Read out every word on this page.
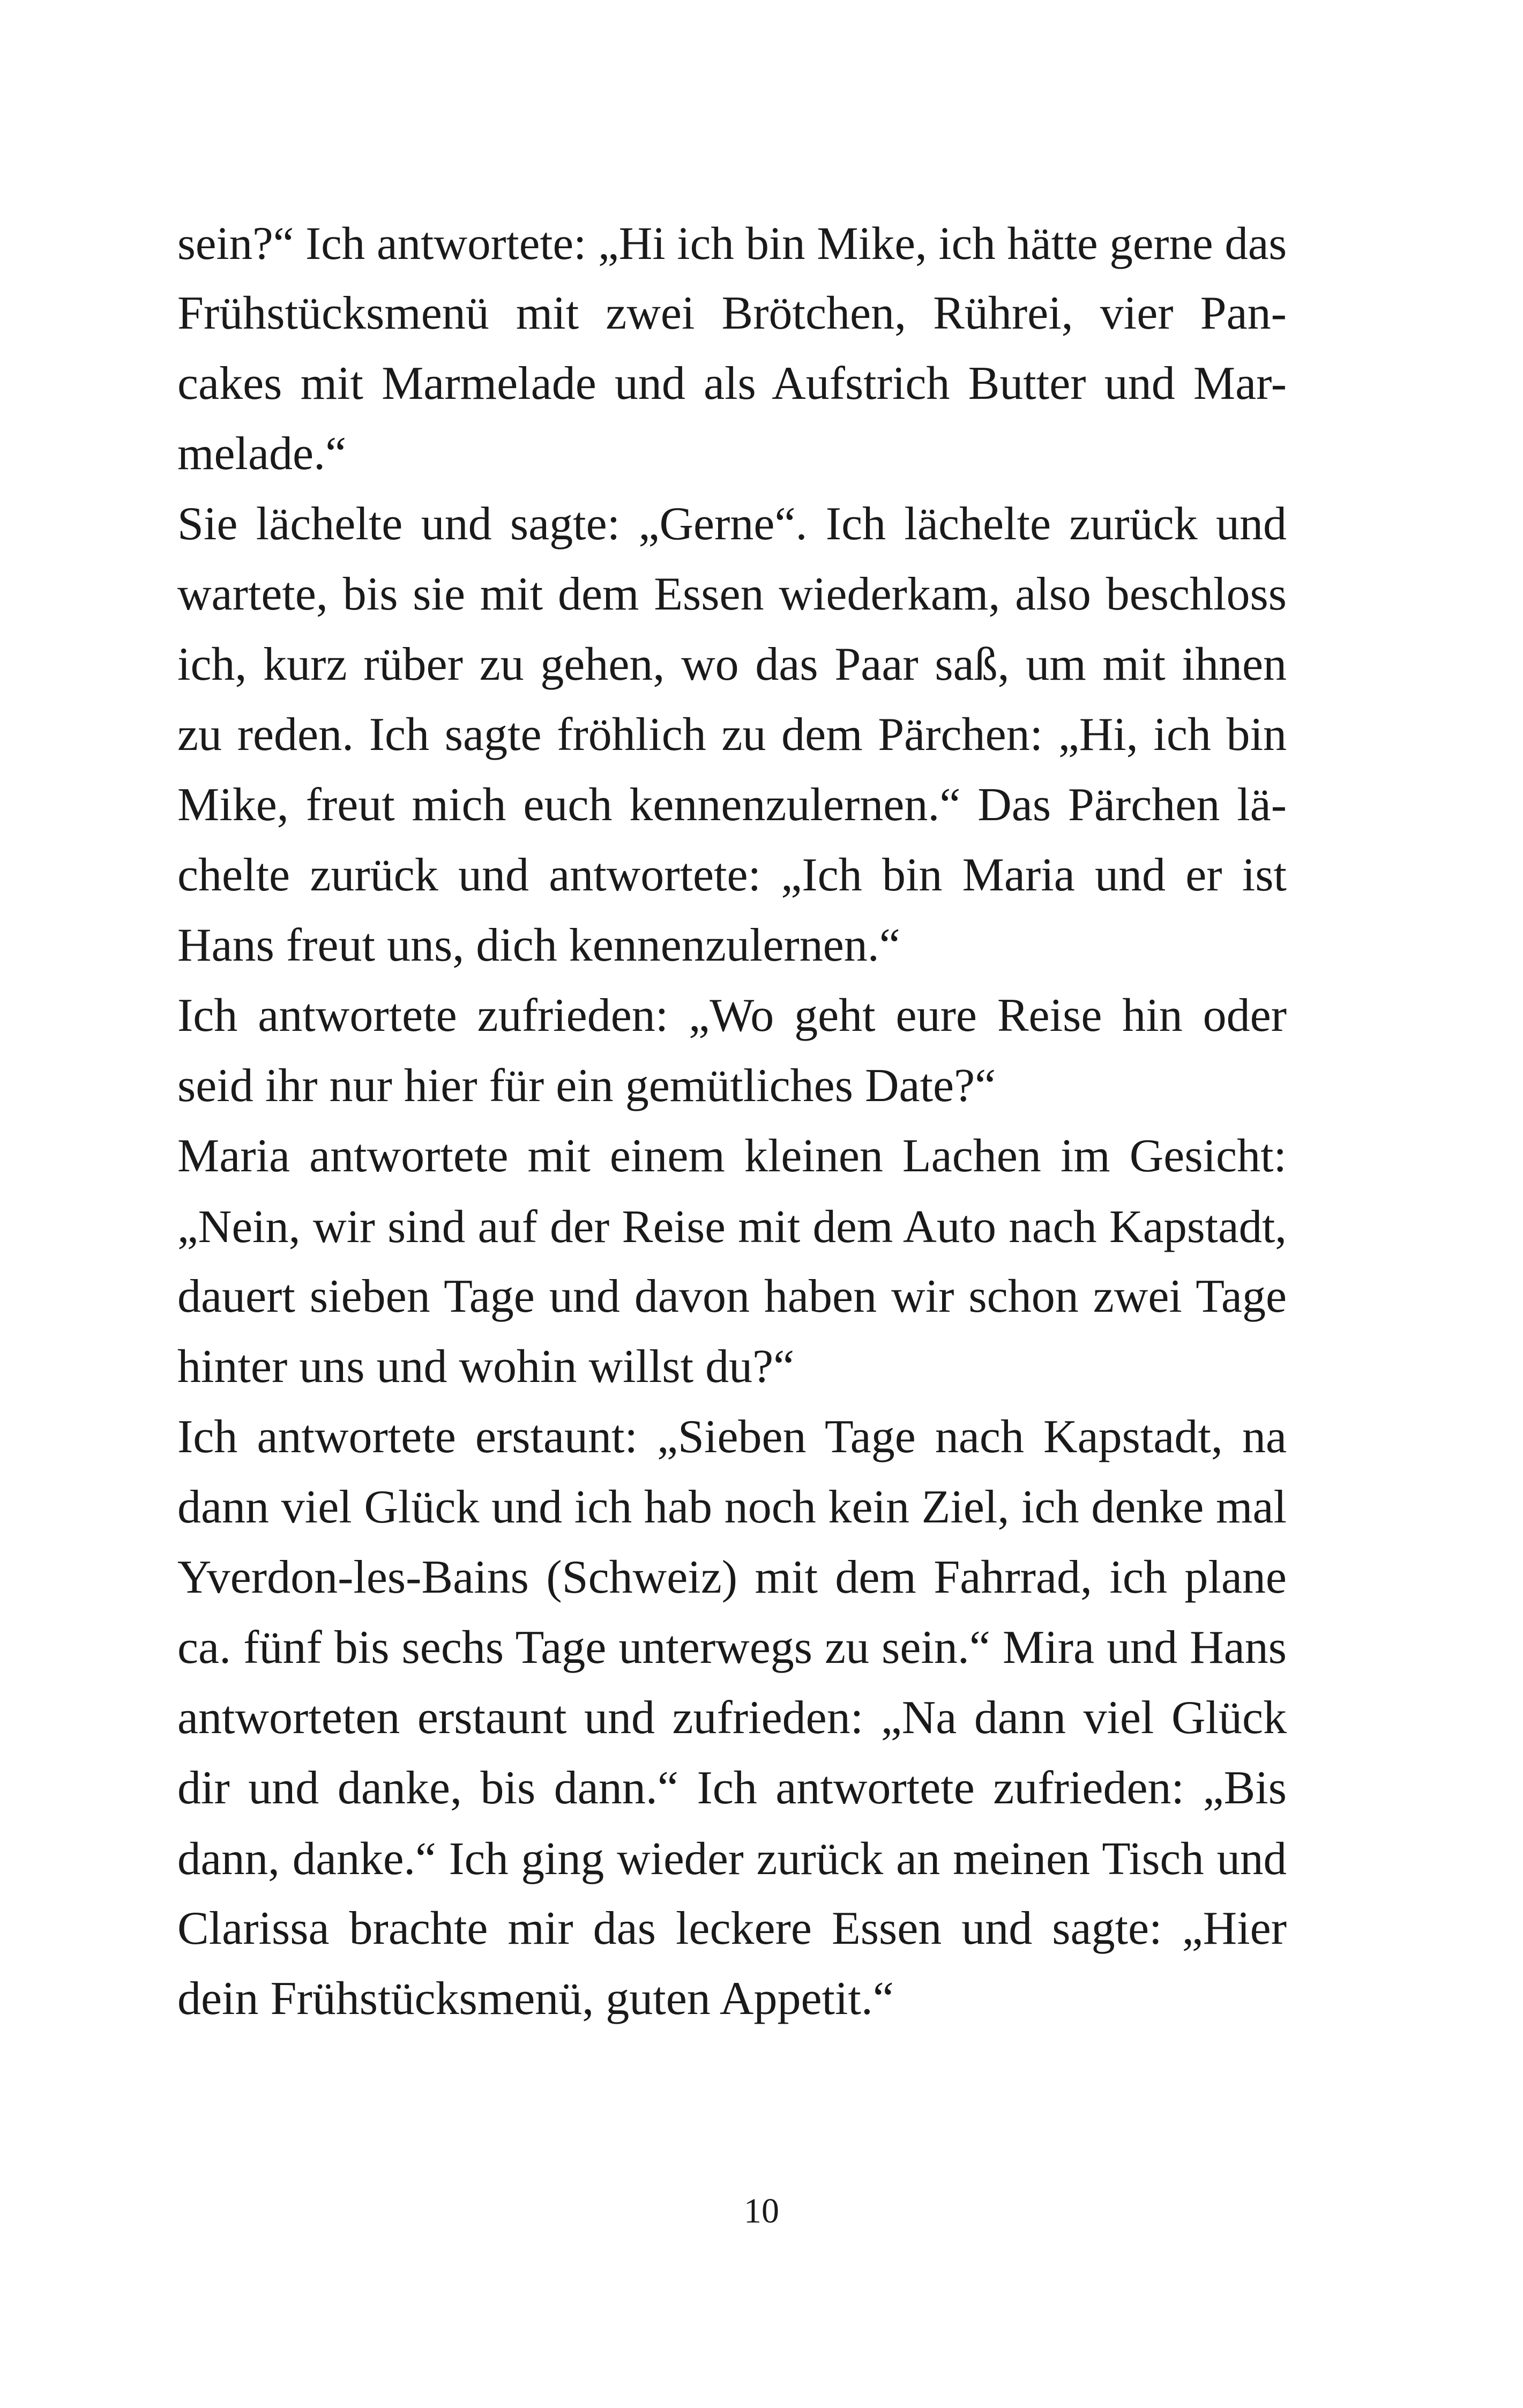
sein?“ Ich antwortete: „Hi ich bin Mike, ich hätte gerne das
Frühstücksmenü mit zwei Brötchen, Rührei, vier Pan-
cakes mit Marmelade und als Aufstrich Butter und Mar-
melade.“
Sie lächelte und sagte: „Gerne“. Ich lächelte zurück und
wartete, bis sie mit dem Essen wiederkam, also beschloss
ich, kurz rüber zu gehen, wo das Paar saß, um mit ihnen
zu reden. Ich sagte fröhlich zu dem Pärchen: „Hi, ich bin
Mike, freut mich euch kennenzulernen.“ Das Pärchen lä-
chelte zurück und antwortete: „Ich bin Maria und er ist
Hans freut uns, dich kennenzulernen.“
Ich antwortete zufrieden: „Wo geht eure Reise hin oder
seid ihr nur hier für ein gemütliches Date?“
Maria antwortete mit einem kleinen Lachen im Gesicht:
„Nein, wir sind auf der Reise mit dem Auto nach Kapstadt,
dauert sieben Tage und davon haben wir schon zwei Tage
hinter uns und wohin willst du?“
Ich antwortete erstaunt: „Sieben Tage nach Kapstadt, na
dann viel Glück und ich hab noch kein Ziel, ich denke mal
Yverdon-les-Bains (Schweiz) mit dem Fahrrad, ich plane
ca. fünf bis sechs Tage unterwegs zu sein.“ Mira und Hans
antworteten erstaunt und zufrieden: „Na dann viel Glück
dir und danke, bis dann.“ Ich antwortete zufrieden: „Bis
dann, danke.“ Ich ging wieder zurück an meinen Tisch und
Clarissa brachte mir das leckere Essen und sagte: „Hier
dein Frühstücksmenü, guten Appetit.“
10
